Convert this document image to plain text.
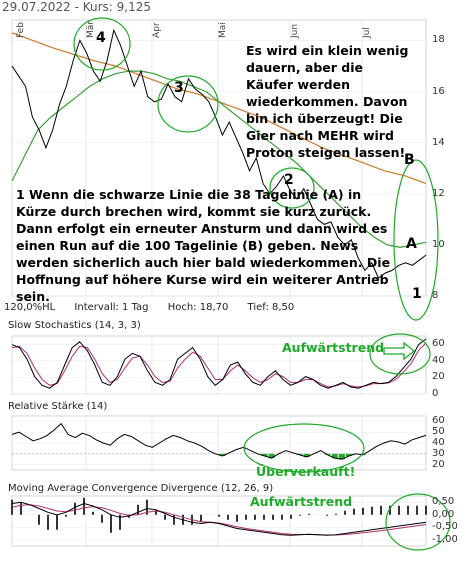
29.07.2022 - Kurs: 9,125
120,0%HL Intervall: 1 Tag Hoch: 18,70 Tief: 8,50
Slow Stochastics (14, 3, 3)
Relative Stärke (14)
Moving Average Convergence Divergence (12, 26, 9)
Es wird ein klein wenig dauern, aber die Käufer werden wiederkommen. Davon bin ich überzeugt! Die Gier nach MEHR wird Proton steigen lassen!
1 Wenn die schwarze Linie die 38 Tagelinie (A) in Kürze durch brechen wird, kommt sie kurz zurück. Dann erfolgt ein erneuter Ansturm und dann wird es einen Run auf die 100 Tagelinie (B) geben. News werden sicherlich auch hier bald wiederkommen. Die Hoffnung auf höhere Kurse wird ein weiterer Antrieb sein.
4
3
2
1
B
A
Aufwärtstrend
Überverkauft!
Aufwärtstrend
Feb	Mär	Apr	Mai	Jun	Jul
18
16
14
12
10
8
60
40
20
0
60
50
40
30
20
0,50
0,00
-0,50
-1,00
